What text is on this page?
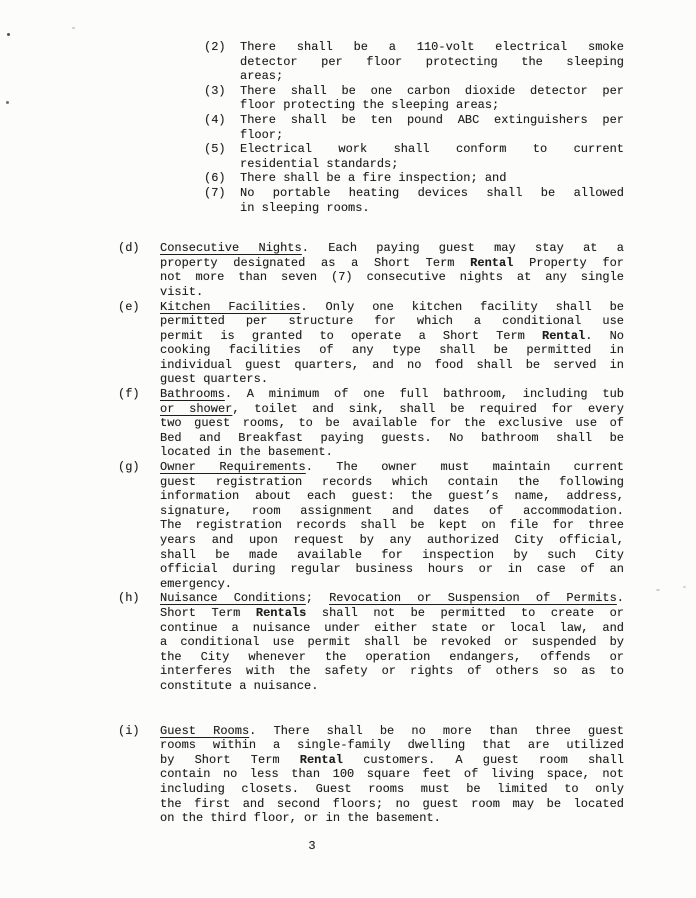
(2)	There shall be a 110-volt electrical smoke
detector per floor protecting the sleeping
areas;
(3)	There shall be one carbon dioxide detector per
floor protecting the sleeping areas;
(4)	There shall be ten pound ABC extinguishers per
floor;
(5)	Electrical work shall conform to current
residential standards;
(6)	There shall be a fire inspection; and
(7)	No portable heating devices shall be allowed
in sleeping rooms.
(d)	Consecutive Nights. Each paying guest may stay at a
property designated as a Short Term Rental Property for
not more than seven (7) consecutive nights at any single
visit.
(e)	Kitchen Facilities. Only one kitchen facility shall be
permitted per structure for which a conditional use
permit is granted to operate a Short Term Rental. No
cooking facilities of any type shall be permitted in
individual guest quarters, and no food shall be served in
guest quarters.
(f)	Bathrooms. A minimum of one full bathroom, including tub
or shower, toilet and sink, shall be required for every
two guest rooms, to be available for the exclusive use of
Bed and Breakfast paying guests. No bathroom shall be
located in the basement.
(g)	Owner Requirements. The owner must maintain current
guest registration records which contain the following
information about each guest: the guest’s name, address,
signature, room assignment and dates of accommodation.
The registration records shall be kept on file for three
years and upon request by any authorized City official,
shall be made available for inspection by such City
official during regular business hours or in case of an
emergency.
(h)	Nuisance Conditions; Revocation or Suspension of Permits.
Short Term Rentals shall not be permitted to create or
continue a nuisance under either state or local law, and
a conditional use permit shall be revoked or suspended by
the City whenever the operation endangers, offends or
interferes with the safety or rights of others so as to
constitute a nuisance.
(i)	Guest Rooms. There shall be no more than three guest
rooms within a single-family dwelling that are utilized
by Short Term Rental customers. A guest room shall
contain no less than 100 square feet of living space, not
including closets. Guest rooms must be limited to only
the first and second floors; no guest room may be located
on the third floor, or in the basement.
3
